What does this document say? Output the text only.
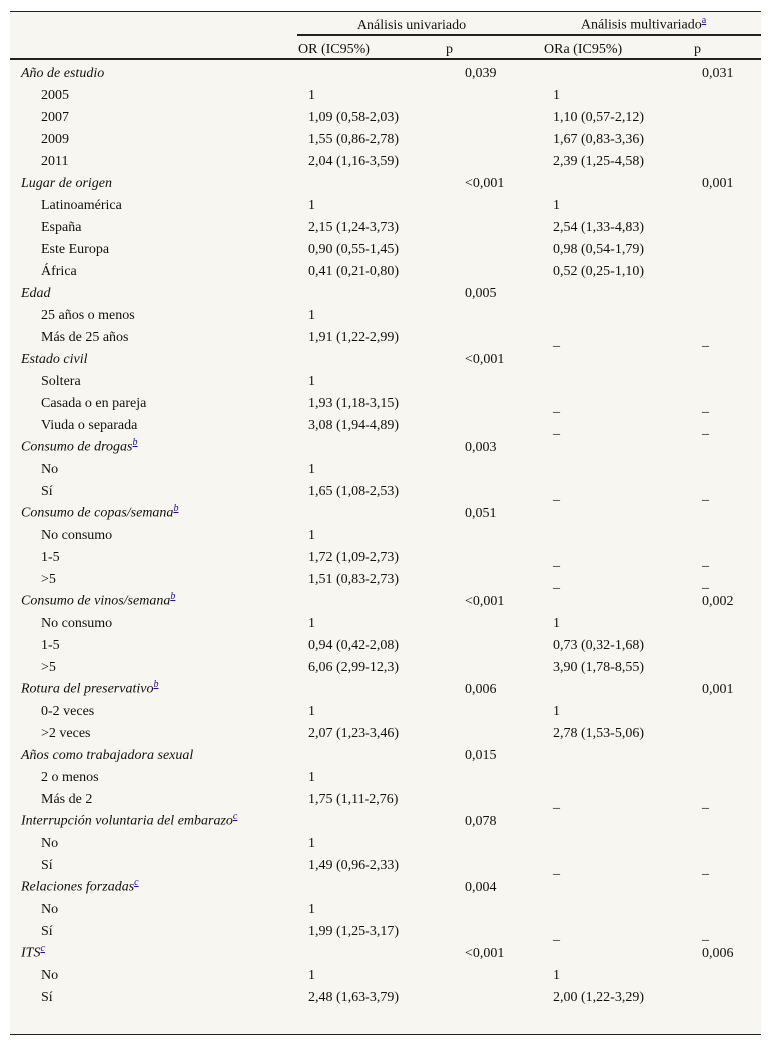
	Análisis univariado		Análisis multivariado$^a$
	OR (IC95%)	p	ORa (IC95%)	p
Año de estudio		0,039		0,031
2005	1		1	
2007	1,09 (0,58-2,03)		1,10 (0,57-2,12)	
2009	1,55 (0,86-2,78)		1,67 (0,83-3,36)	
2011	2,04 (1,16-3,59)		2,39 (1,25-4,58)	
Lugar de origen		<0,001		0,001
Latinoamérica	1		1	
España	2,15 (1,24-3,73)		2,54 (1,33-4,83)	
Este Europa	0,90 (0,55-1,45)		0,98 (0,54-1,79)	
África	0,41 (0,21-0,80)		0,52 (0,25-1,10)	
Edad		0,005		
25 años o menos	1			
Más de 25 años	1,91 (1,22-2,99)		_	_
Estado civil		<0,001		
Soltera	1			
Casada o en pareja	1,93 (1,18-3,15)		_	_
Viuda o separada	3,08 (1,94-4,89)		_	_
Consumo de drogas$^b$		0,003		
No	1			
Sí	1,65 (1,08-2,53)		_	_
Consumo de copas/semana$^b$		0,051		
No consumo	1			
1-5	1,72 (1,09-2,73)		_	_
>5	1,51 (0,83-2,73)		_	_
Consumo de vinos/semana$^b$		<0,001		0,002
No consumo	1		1	
1-5	0,94 (0,42-2,08)		0,73 (0,32-1,68)	
>5	6,06 (2,99-12,3)		3,90 (1,78-8,55)	
Rotura del preservativo$^b$		0,006		0,001
0-2 veces	1		1	
>2 veces	2,07 (1,23-3,46)		2,78 (1,53-5,06)	
Años como trabajadora sexual		0,015		
2 o menos	1			
Más de 2	1,75 (1,11-2,76)		_	_
Interrupción voluntaria del embarazo$^c$		0,078		
No	1			
Sí	1,49 (0,96-2,33)		_	_
Relaciones forzadas$^c$		0,004		
No	1			
Sí	1,99 (1,25-3,17)		_	_
ITS$^c$		<0,001		0,006
No	1		1	
Sí	2,48 (1,63-3,79)		2,00 (1,22-3,29)	
